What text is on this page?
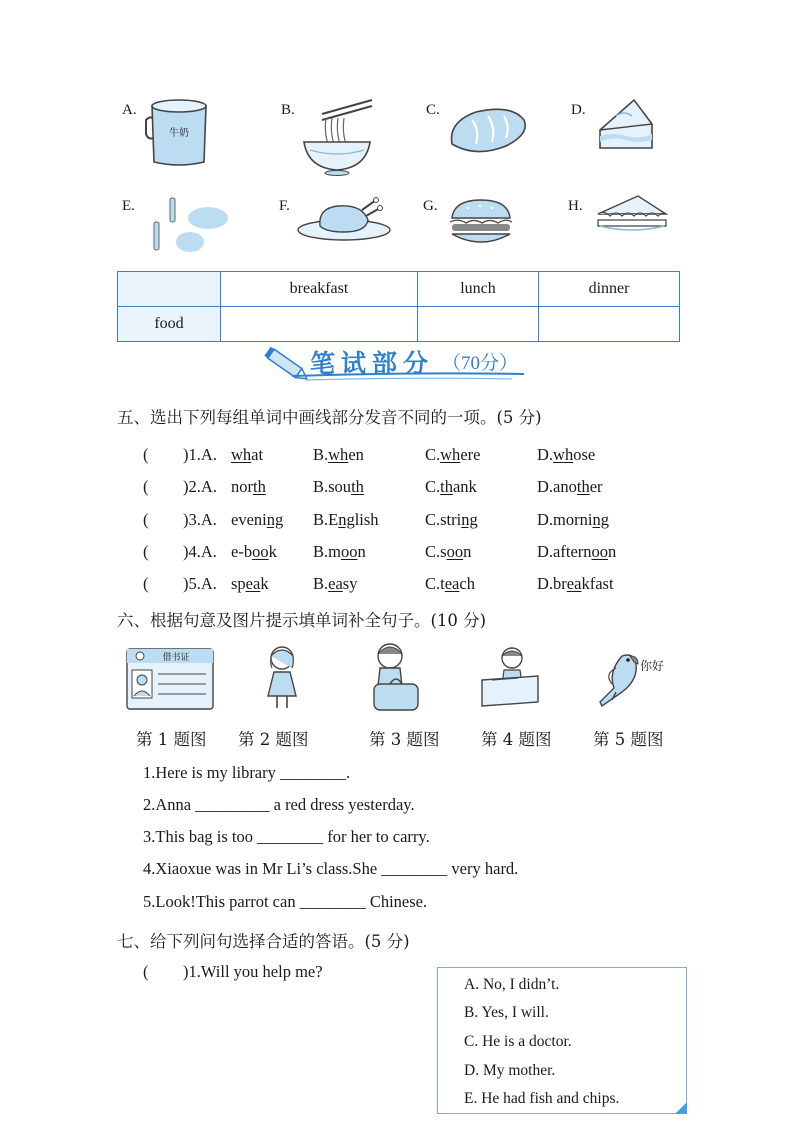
A.	B.	C.	D.
E.	F.	G.	H.
牛奶
	breakfast	lunch	dinner
food			
笔试部分 （70分）
五、选出下列每组单词中画线部分发音不同的一项。(5 分)
( )1.A. what	B.when	C.where	D.whose
( )2.A. north	B.south	C.thank	D.another
( )3.A. evening B.English	C.string	D.morning
( )4.A. e-book B.moon	C.soon	D.afternoon
( )5.A. speak	B.easy	C.teach	D.breakfast
六、根据句意及图片提示填单词补全句子。(10 分)
借书证
你好
第 1 题图 第 2 题图	第 3 题图	第 4 题图	第 5 题图
1.Here is my library ________.
2.Anna _________ a red dress yesterday.
3.This bag is too ________ for her to carry.
4.Xiaoxue was in Mr Li’s class.She ________ very hard.
5.Look!This parrot can ________ Chinese.
七、给下列问句选择合适的答语。(5 分)
( )1.Will you help me?
A. No, I didn’t.
B. Yes, I will.
C. He is a doctor.
D. My mother.
E. He had fish and chips.
